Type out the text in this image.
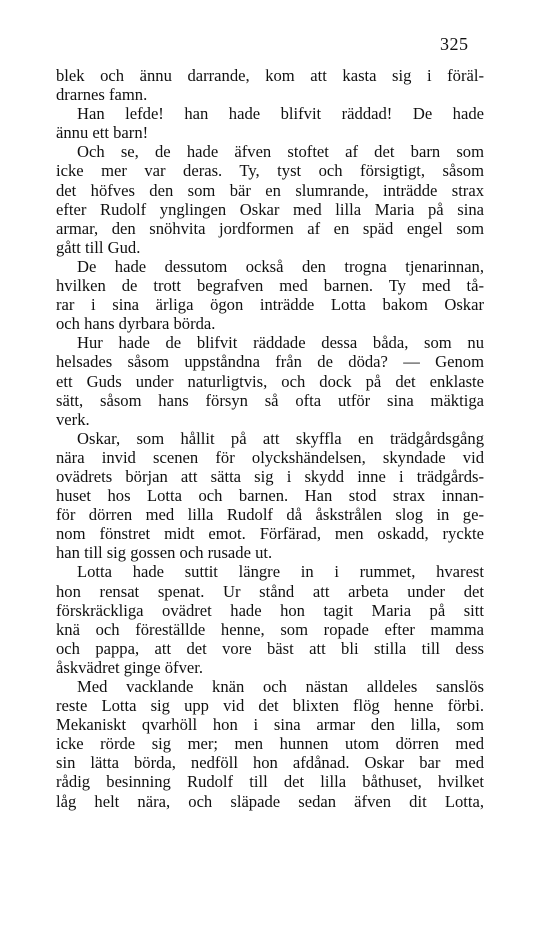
325
blek och ännu darrande, kom att kasta sig i föräl-
drarnes famn.
Han lefde! han hade blifvit räddad! De hade
ännu ett barn!
Och se, de hade äfven stoftet af det barn som
icke mer var deras. Ty, tyst och försigtigt, såsom
det höfves den som bär en slumrande, inträdde strax
efter Rudolf ynglingen Oskar med lilla Maria på sina
armar, den snöhvita jordformen af en späd engel som
gått till Gud.
De hade dessutom också den trogna tjenarinnan,
hvilken de trott begrafven med barnen. Ty med tå-
rar i sina ärliga ögon inträdde Lotta bakom Oskar
och hans dyrbara börda.
Hur hade de blifvit räddade dessa båda, som nu
helsades såsom uppståndna från de döda? — Genom
ett Guds under naturligtvis, och dock på det enklaste
sätt, såsom hans försyn så ofta utför sina mäktiga
verk.
Oskar, som hållit på att skyffla en trädgårdsgång
nära invid scenen för olyckshändelsen, skyndade vid
ovädrets början att sätta sig i skydd inne i trädgårds-
huset hos Lotta och barnen. Han stod strax innan-
för dörren med lilla Rudolf då åskstrålen slog in ge-
nom fönstret midt emot. Förfärad, men oskadd, ryckte
han till sig gossen och rusade ut.
Lotta hade suttit längre in i rummet, hvarest
hon rensat spenat. Ur stånd att arbeta under det
förskräckliga ovädret hade hon tagit Maria på sitt
knä och föreställde henne, som ropade efter mamma
och pappa, att det vore bäst att bli stilla till dess
åskvädret ginge öfver.
Med vacklande knän och nästan alldeles sanslös
reste Lotta sig upp vid det blixten flög henne förbi.
Mekaniskt qvarhöll hon i sina armar den lilla, som
icke rörde sig mer; men hunnen utom dörren med
sin lätta börda, nedföll hon afdånad. Oskar bar med
rådig besinning Rudolf till det lilla båthuset, hvilket
låg helt nära, och släpade sedan äfven dit Lotta,
